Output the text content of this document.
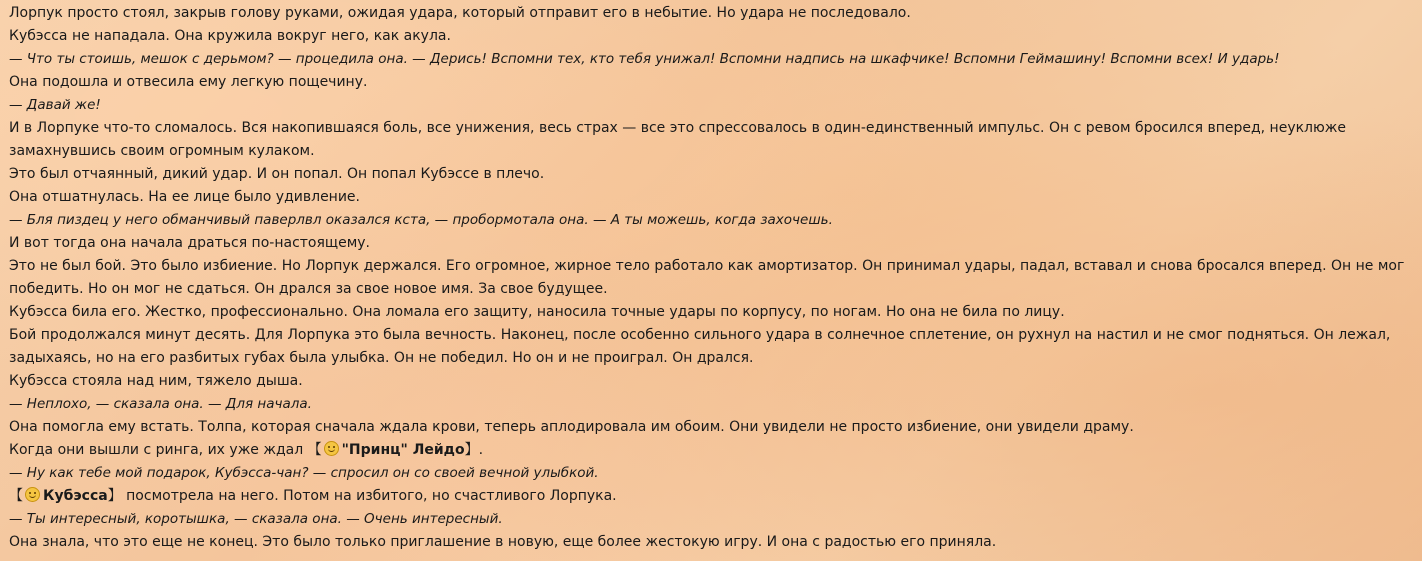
Лорпук просто стоял, закрыв голову руками, ожидая удара, который отправит его в небытие. Но удара не последовало.
Кубэсса не нападала. Она кружила вокруг него, как акула.
— Что ты стоишь, мешок с дерьмом? — процедила она. — Дерись! Вспомни тех, кто тебя унижал! Вспомни надпись на шкафчике! Вспомни Геймашину! Вспомни всех! И ударь!
Она подошла и отвесила ему легкую пощечину.
— Давай же!
И в Лорпуке что-то сломалось. Вся накопившаяся боль, все унижения, весь страх — все это спрессовалось в один-единственный импульс. Он с ревом бросился вперед, неуклюже замахнувшись своим огромным кулаком.
Это был отчаянный, дикий удар. И он попал. Он попал Кубэссе в плечо.
Она отшатнулась. На ее лице было удивление.
— Бля пиздец у него обманчивый паверлвл оказался кста, — пробормотала она. — А ты можешь, когда захочешь.
И вот тогда она начала драться по-настоящему.
Это не был бой. Это было избиение. Но Лорпук держался. Его огромное, жирное тело работало как амортизатор. Он принимал удары, падал, вставал и снова бросался вперед. Он не мог победить. Но он мог не сдаться. Он дрался за свое новое имя. За свое будущее.
Кубэсса била его. Жестко, профессионально. Она ломала его защиту, наносила точные удары по корпусу, по ногам. Но она не била по лицу.
Бой продолжался минут десять. Для Лорпука это была вечность. Наконец, после особенно сильного удара в солнечное сплетение, он рухнул на настил и не смог подняться. Он лежал, задыхаясь, но на его разбитых губах была улыбка. Он не победил. Но он и не проиграл. Он дрался.
Кубэсса стояла над ним, тяжело дыша.
— Неплохо, — сказала она. — Для начала.
Она помогла ему встать. Толпа, которая сначала ждала крови, теперь аплодировала им обоим. Они увидели не просто избиение, они увидели драму.
Когда они вышли с ринга, их уже ждал 【 "Принц" Лейдо】.
— Ну как тебе мой подарок, Кубэсса-чан? — спросил он со своей вечной улыбкой.
【 Кубэсса】 посмотрела на него. Потом на избитого, но счастливого Лорпука.
— Ты интересный, коротышка, — сказала она. — Очень интересный.
Она знала, что это еще не конец. Это было только приглашение в новую, еще более жестокую игру. И она с радостью его приняла.
